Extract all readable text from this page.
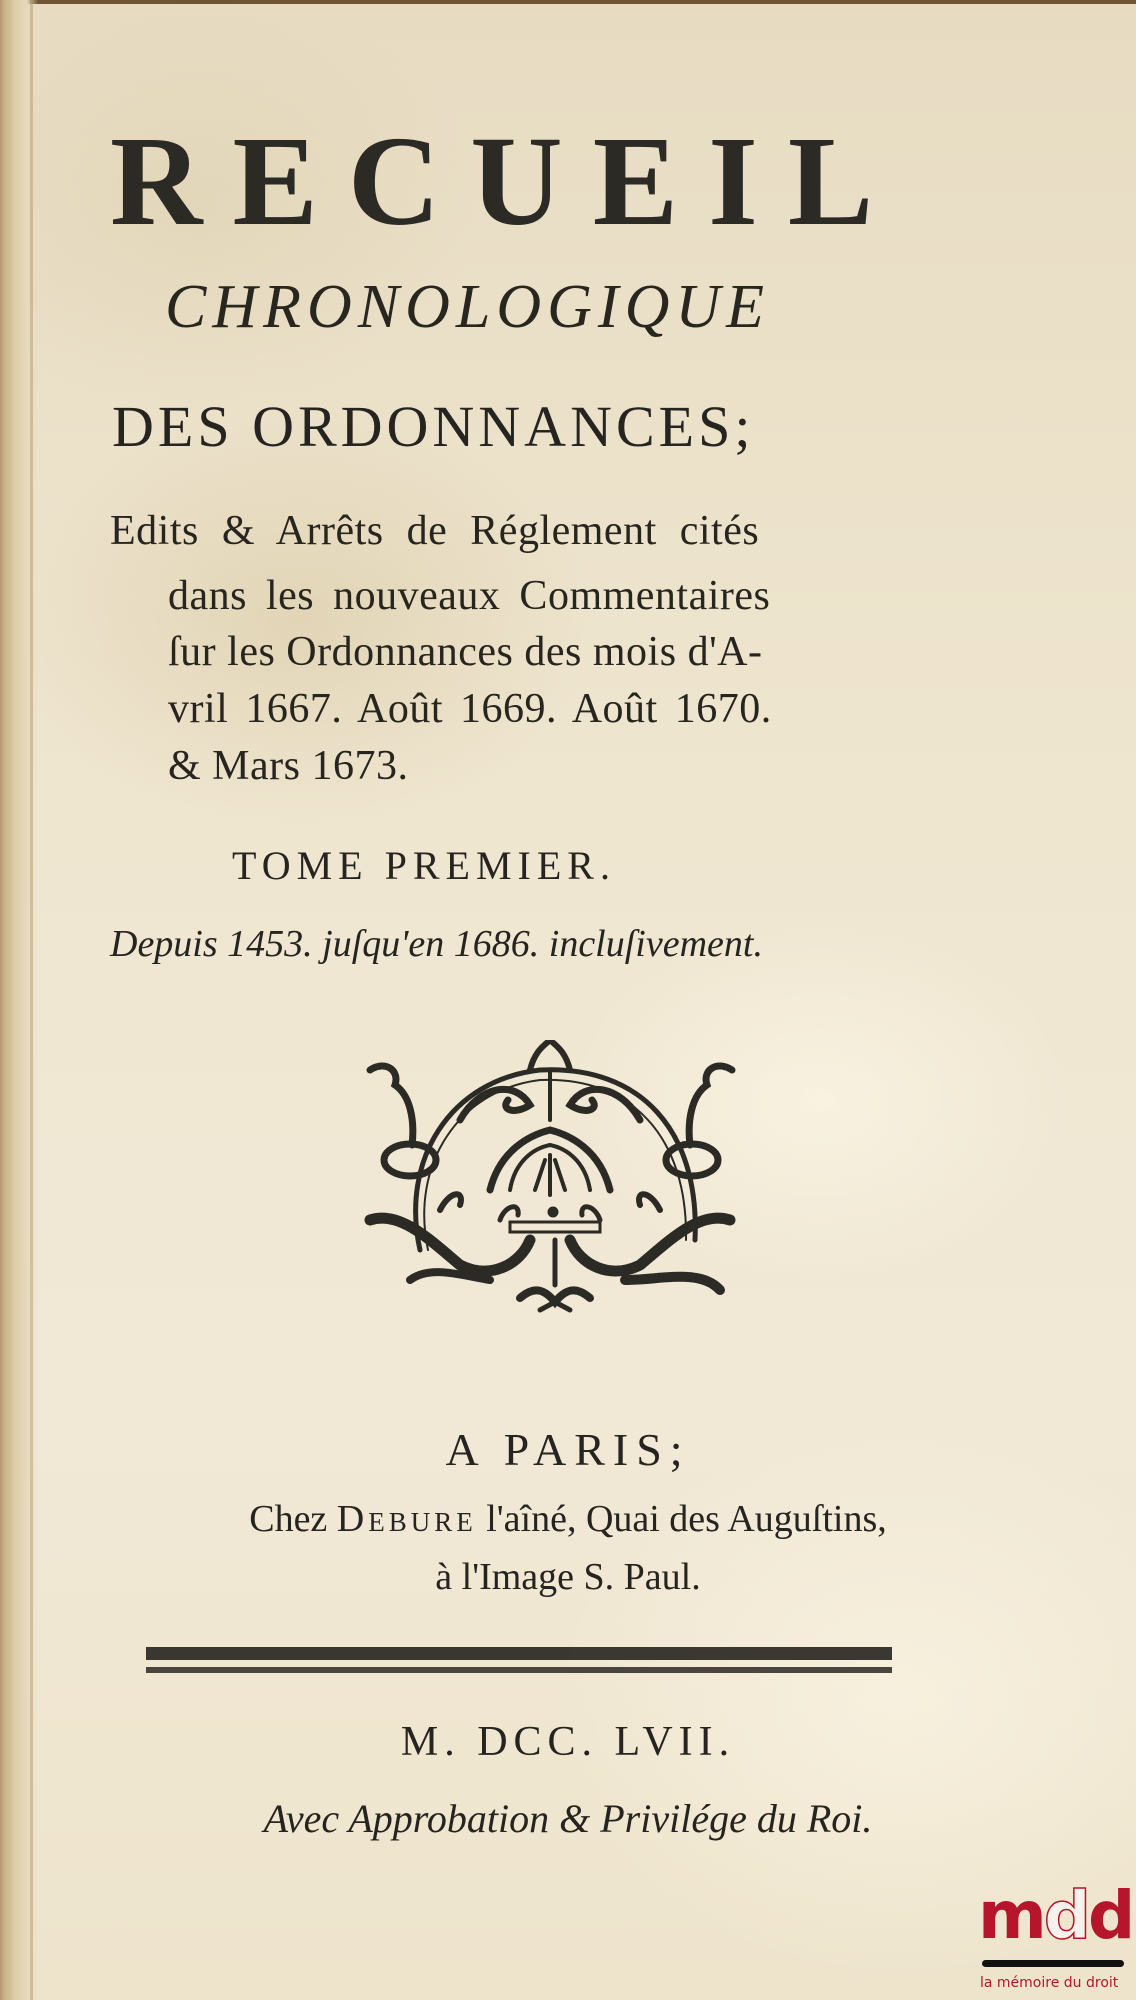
RECUEIL
CHRONOLOGIQUE
DES ORDONNANCES;
Edits & Arrêts de Réglement cités
dans les nouveaux Commentaires
ſur les Ordonnances des mois d'A-
vril 1667. Août 1669. Août 1670.
& Mars 1673.
TOME PREMIER.
Depuis 1453. juſqu'en 1686. incluſivement.
A PARIS;
Chez Debure l'aîné, Quai des Auguſtins,
à l'Image S. Paul.
M. DCC. LVII.
Avec Approbation & Privilége du Roi.
mdd
la mémoire du droit
